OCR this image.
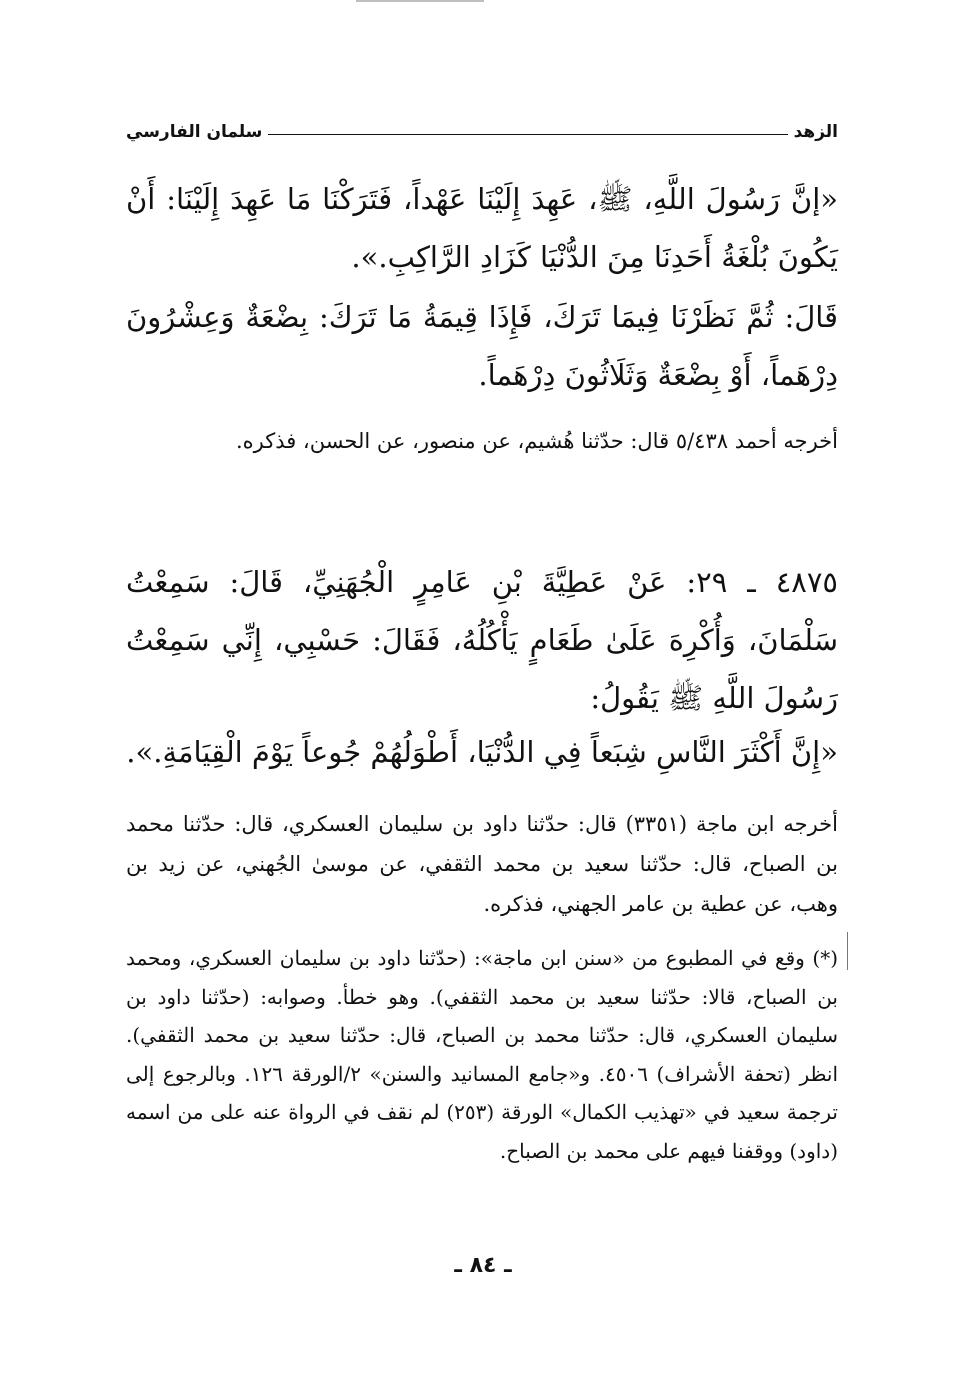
الزهد
سلمان الفارسي
«إنَّ رَسُولَ اللَّهِ، ﷺ، عَهِدَ إِلَيْنَا عَهْداً، فَتَرَكْنَا مَا عَهِدَ إِلَيْنَا: أَنْ يَكُونَ بُلْغَةُ أَحَدِنَا مِنَ الدُّنْيَا كَزَادِ الرَّاكِبِ.».
قَالَ: ثُمَّ نَظَرْنَا فِيمَا تَرَكَ، فَإِذَا قِيمَةُ مَا تَرَكَ: بِضْعَةٌ وَعِشْرُونَ دِرْهَماً، أَوْ بِضْعَةٌ وَثَلَاثُونَ دِرْهَماً.
أخرجه أحمد ٥/٤٣٨ قال: حدّثنا هُشيم، عن منصور، عن الحسن، فذكره.
٤٨٧٥ ـ ٢٩: عَنْ عَطِيَّةَ بْنِ عَامِرٍ الْجُهَنِيِّ، قَالَ: سَمِعْتُ سَلْمَانَ، وَأُكْرِهَ عَلَىٰ طَعَامٍ يَأْكُلُهُ، فَقَالَ: حَسْبِي، إِنِّي سَمِعْتُ رَسُولَ اللَّهِ ﷺ يَقُولُ:
«إِنَّ أَكْثَرَ النَّاسِ شِبَعاً فِي الدُّنْيَا، أَطْوَلُهُمْ جُوعاً يَوْمَ الْقِيَامَةِ.».
أخرجه ابن ماجة (٣٣٥١) قال: حدّثنا داود بن سليمان العسكري، قال: حدّثنا محمد بن الصباح، قال: حدّثنا سعيد بن محمد الثقفي، عن موسىٰ الجُهني، عن زيد بن وهب، عن عطية بن عامر الجهني، فذكره.
(*) وقع في المطبوع من «سنن ابن ماجة»: (حدّثنا داود بن سليمان العسكري، ومحمد بن الصباح، قالا: حدّثنا سعيد بن محمد الثقفي). وهو خطأ. وصوابه: (حدّثنا داود بن سليمان العسكري، قال: حدّثنا محمد بن الصباح، قال: حدّثنا سعيد بن محمد الثقفي). انظر (تحفة الأشراف) ٤٥٠٦. و«جامع المسانيد والسنن» ٢/الورقة ١٢٦. وبالرجوع إلى ترجمة سعيد في «تهذيب الكمال» الورقة (٢٥٣) لم نقف في الرواة عنه على من اسمه (داود) ووقفنا فيهم على محمد بن الصباح.
ـ ٨٤ ـ
